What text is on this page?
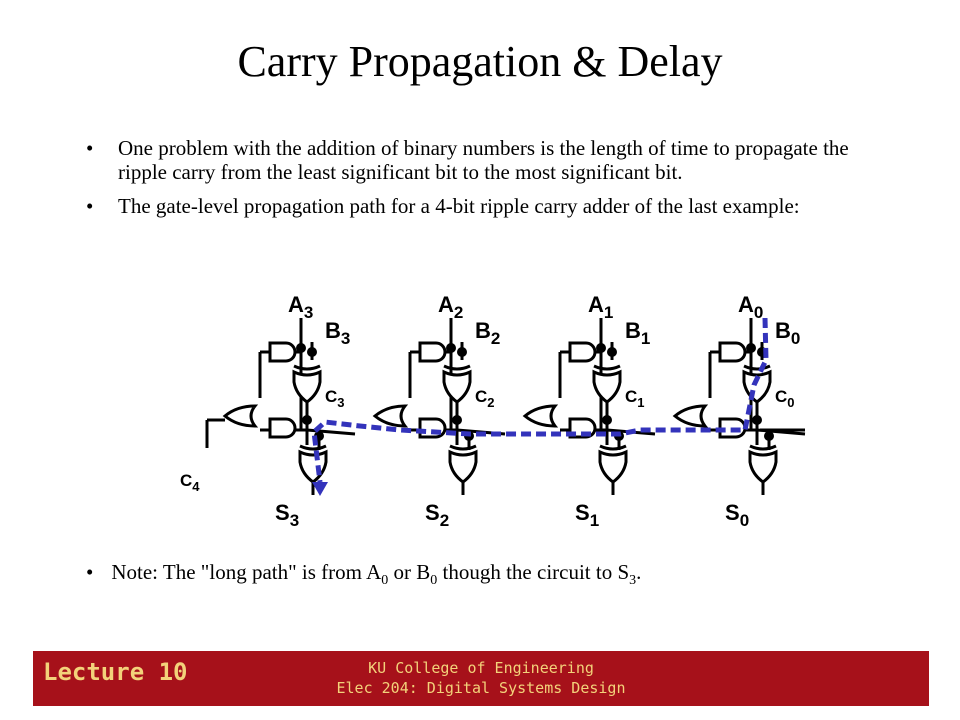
Carry Propagation & Delay
• One problem with the addition of binary numbers is the length of time to propagate the ripple carry from the least significant bit to the most significant bit.
• The gate-level propagation path for a 4-bit ripple carry adder of the last example:
$A_3$
$B_3$
$C_3$
$S_3$
$A_2$
$B_2$
$C_2$
$S_2$
$A_1$
$B_1$
$C_1$
$S_1$
$A_0$
$B_0$
$C_0$
$S_0$
$C_4$
• Note: The "long path" is from $A_0$ or $B_0$ though the circuit to $S_3$.
Lecture 10	KU College of Engineering
Elec 204: Digital Systems Design
